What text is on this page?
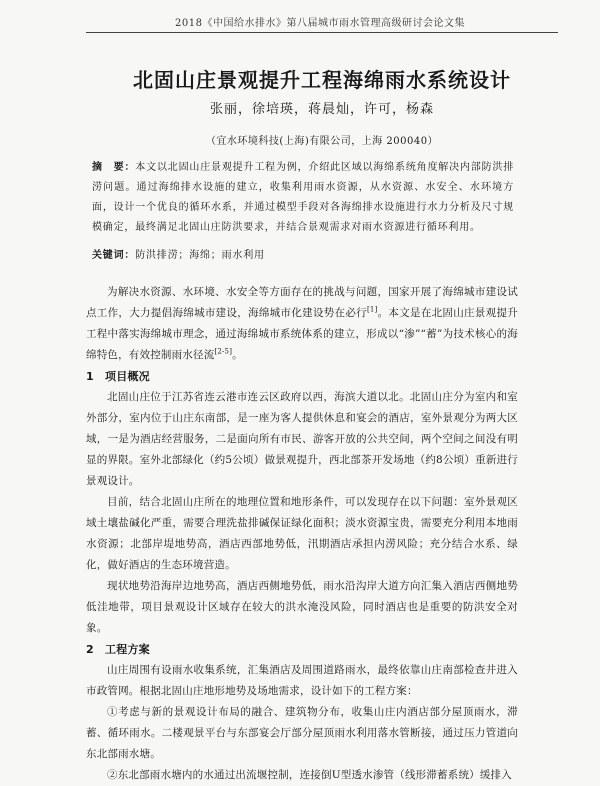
2018《中国给水排水》第八届城市雨水管理高级研讨会论文集
北固山庄景观提升工程海绵雨水系统设计
张丽，徐培瑛，蒋晨灿，许可，杨森
（宜水环境科技(上海)有限公司，上海 200040）
摘　要：本文以北固山庄景观提升工程为例，介绍此区域以海绵系统角度解决内部防洪排涝问题。通过海绵排水设施的建立，收集利用雨水资源，从水资源、水安全、水环境方面，设计一个优良的循环水系，并通过模型手段对各海绵排水设施进行水力分析及尺寸规模确定，最终满足北固山庄防洪要求，并结合景观需求对雨水资源进行循环利用。
关键词：防洪排涝；海绵；雨水利用

为解决水资源、水环境、水安全等方面存在的挑战与问题，国家开展了海绵城市建设试点工作，大力提倡海绵城市建设，海绵城市化建设势在必行[1]。本文是在北固山庄景观提升工程中落实海绵城市理念，通过海绵城市系统体系的建立，形成以“渗”“蓄”为技术核心的海绵特色，有效控制雨水径流[2-5]。

1　项目概况

北固山庄位于江苏省连云港市连云区政府以西，海滨大道以北。北固山庄分为室内和室外部分，室内位于山庄东南部，是一座为客人提供休息和宴会的酒店，室外景观分为两大区域，一是为酒店经营服务，二是面向所有市民、游客开放的公共空间，两个空间之间没有明显的界限。室外北部绿化（约5公顷）做景观提升，西北部茶开发场地（约8公顷）重新进行景观设计。

目前，结合北固山庄所在的地理位置和地形条件，可以发现存在以下问题：室外景观区域土壤盐碱化严重，需要合理洗盐排碱保证绿化面积；淡水资源宝贵，需要充分利用本地雨水资源；北部岸堤地势高，酒店西部地势低，汛期酒店承担内涝风险；充分结合水系、绿化，做好酒店的生态环境营造。

现状地势沿海岸边地势高，酒店西侧地势低，雨水沿沟岸大道方向汇集入酒店西侧地势低洼地带，项目景观设计区域存在较大的洪水淹没风险，同时酒店也是重要的防洪安全对象。

2　工程方案

山庄周围有设雨水收集系统，汇集酒店及周围道路雨水，最终依靠山庄南部检查井进入市政管网。根据北固山庄地形地势及场地需求，设计如下的工程方案：

①考虑与新的景观设计布局的融合、建筑物分布，收集山庄内酒店部分屋顶雨水，滞蓄、循环雨水。二楼观景平台与东部宴会厅部分屋顶雨水利用落水管断接，通过压力管道向东北部雨水塘。

②东北部雨水塘内的水通过出流堰控制，连接倒U型透水渗管（线形滞蓄系统）缓排入
